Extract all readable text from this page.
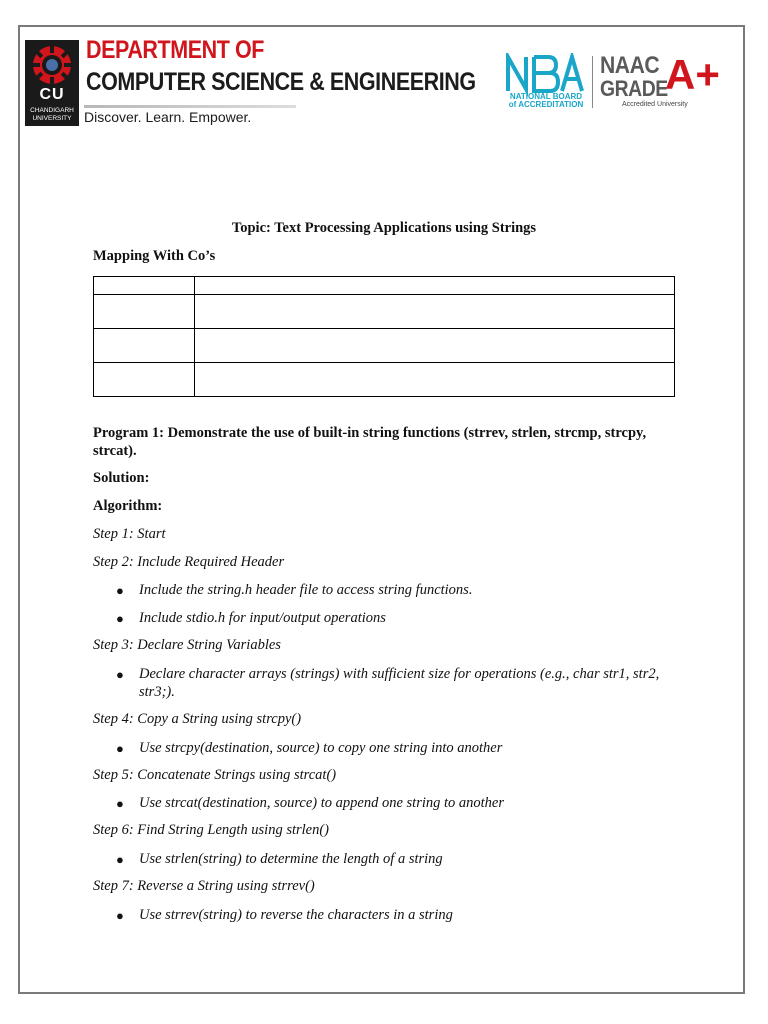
CU
CHANDIGARH
UNIVERSITY
DEPARTMENT OF
COMPUTER SCIENCE & ENGINEERING
Discover. Learn. Empower.
NATIONAL BOARD
of ACCREDITATION
NAAC
GRADE
A+
Accredited University
Topic: Text Processing Applications using Strings
Mapping With Co’s

Program 1: Demonstrate the use of built-in string functions (strrev, strlen, strcmp, strcpy, strcat).
Solution:
Algorithm:
Step 1: Start
Step 2: Include Required Header
● Include the string.h header file to access string functions.
● Include stdio.h for input/output operations
Step 3: Declare String Variables
● Declare character arrays (strings) with sufficient size for operations (e.g., char str1, str2, str3;).
Step 4: Copy a String using strcpy()
● Use strcpy(destination, source) to copy one string into another
Step 5: Concatenate Strings using strcat()
● Use strcat(destination, source) to append one string to another
Step 6: Find String Length using strlen()
● Use strlen(string) to determine the length of a string
Step 7: Reverse a String using strrev()
● Use strrev(string) to reverse the characters in a string
